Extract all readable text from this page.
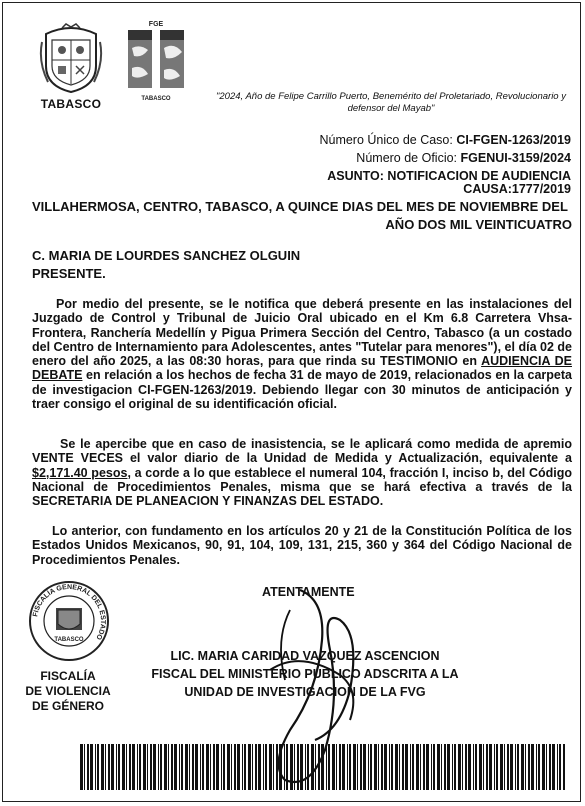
TABASCO
FGE
TABASCO	"2024, Año de Felipe Carrillo Puerto, Benemérito del Proletariado, Revolucionario y defensor del Mayab"
Número Único de Caso: CI-FGEN-1263/2019
Número de Oficio: FGENUI-3159/2024
ASUNTO: NOTIFICACION DE AUDIENCIA
CAUSA:1777/2019
VILLAHERMOSA, CENTRO, TABASCO, A QUINCE DIAS DEL MES DE NOVIEMBRE DEL
AÑO DOS MIL VEINTICUATRO
C. MARIA DE LOURDES SANCHEZ OLGUIN
PRESENTE.
Por medio del presente, se le notifica que deberá presente en las instalaciones del Juzgado de Control y Tribunal de Juicio Oral ubicado en el Km 6.8 Carretera Vhsa-Frontera, Ranchería Medellín y Pigua Primera Sección del Centro, Tabasco (a un costado del Centro de Internamiento para Adolescentes, antes "Tutelar para menores"), el día 02 de enero del año 2025, a las 08:30 horas, para que rinda su TESTIMONIO en AUDIENCIA DE DEBATE en relación a los hechos de fecha 31 de mayo de 2019, relacionados en la carpeta de investigacion CI-FGEN-1263/2019. Debiendo llegar con 30 minutos de anticipación y traer consigo el original de su identificación oficial.
Se le apercibe que en caso de inasistencia, se le aplicará como medida de apremio VENTE VECES el valor diario de la Unidad de Medida y Actualización, equivalente a $2,171.40 pesos, a corde a lo que establece el numeral 104, fracción I, inciso b, del Código Nacional de Procedimientos Penales, misma que se hará efectiva a través de la SECRETARIA DE PLANEACION Y FINANZAS DEL ESTADO.
Lo anterior, con fundamento en los artículos 20 y 21 de la Constitución Política de los Estados Unidos Mexicanos, 90, 91, 104, 109, 131, 215, 360 y 364 del Código Nacional de Procedimientos Penales.
ATENTAMENTE
FISCALÍA GENERAL DEL ESTADO
TABASCO
FISCALÍA
DE VIOLENCIA
DE GÉNERO
LIC. MARIA CARIDAD VAZQUEZ ASCENCION
FISCAL DEL MINISTERIO PUBLICO ADSCRITA A LA
UNIDAD DE INVESTIGACION DE LA FVG
